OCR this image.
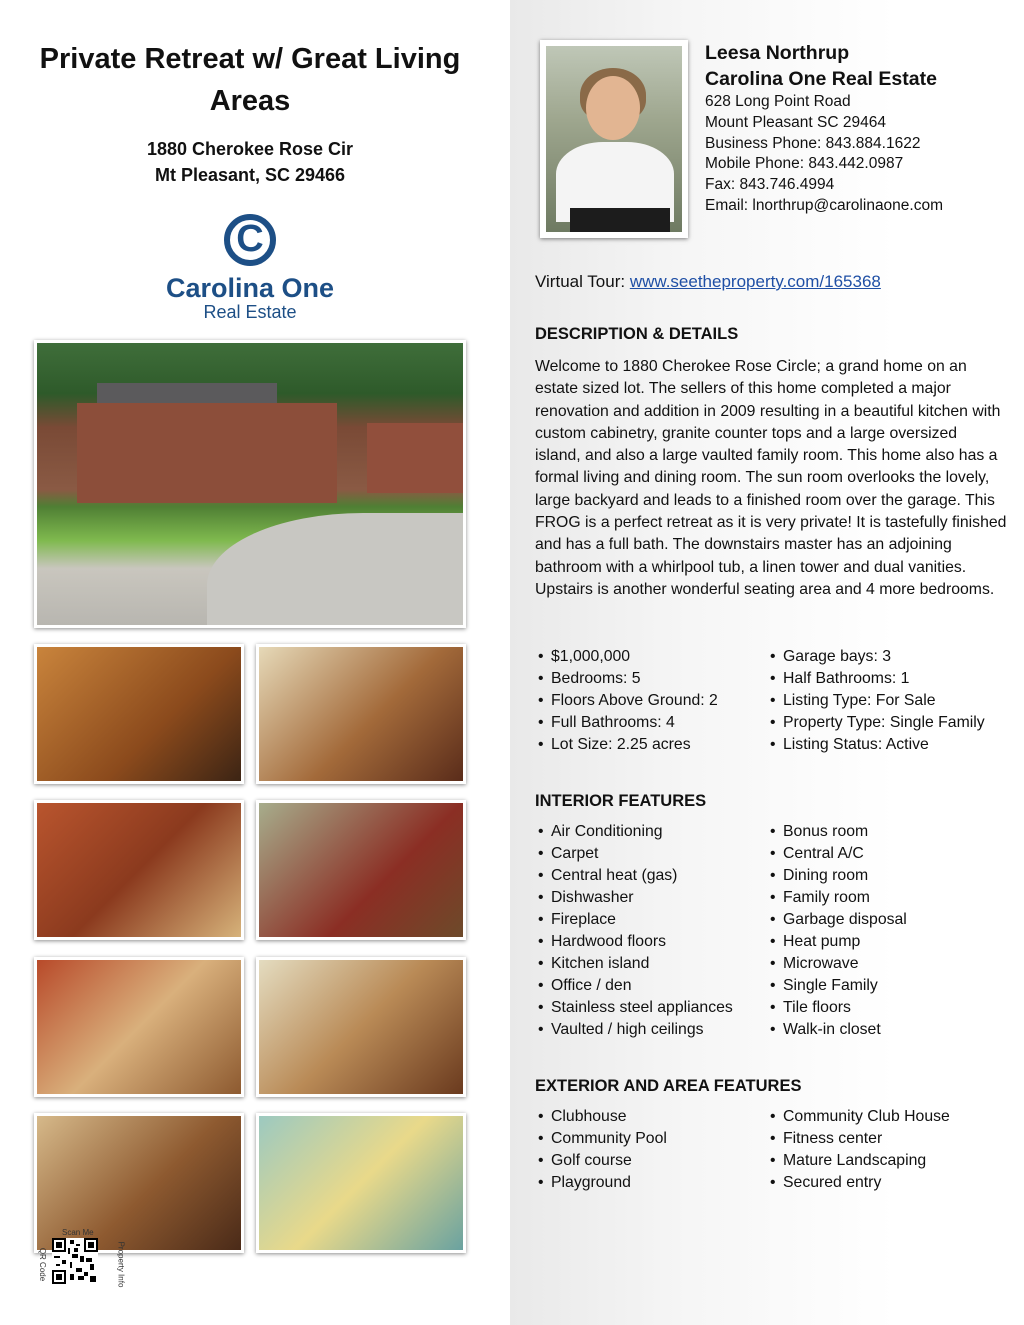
Private Retreat w/ Great Living Areas
1880 Cherokee Rose Cir
Mt Pleasant, SC 29466
C
Carolina One
Real Estate
Scan Me
QR Code	Property Info
Leesa Northrup
Carolina One Real Estate
628 Long Point Road
Mount Pleasant SC 29464
Business Phone: 843.884.1622
Mobile Phone: 843.442.0987
Fax: 843.746.4994
Email: lnorthrup@carolinaone.com
Virtual Tour: www.seetheproperty.com/165368
DESCRIPTION & DETAILS
Welcome to 1880 Cherokee Rose Circle; a grand home on an estate sized lot. The sellers of this home completed a major renovation and addition in 2009 resulting in a beautiful kitchen with custom cabinetry, granite counter tops and a large oversized island, and also a large vaulted family room. This home also has a formal living and dining room. The sun room overlooks the lovely, large backyard and leads to a finished room over the garage. This FROG is a perfect retreat as it is very private! It is tastefully finished and has a full bath. The downstairs master has an adjoining bathroom with a whirlpool tub, a linen tower and dual vanities. Upstairs is another wonderful seating area and 4 more bedrooms.
• $1,000,000
• Bedrooms: 5
• Floors Above Ground: 2
• Full Bathrooms: 4
• Lot Size: 2.25 acres
• Garage bays: 3
• Half Bathrooms: 1
• Listing Type: For Sale
• Property Type: Single Family
• Listing Status: Active
INTERIOR FEATURES
• Air Conditioning
• Carpet
• Central heat (gas)
• Dishwasher
• Fireplace
• Hardwood floors
• Kitchen island
• Office / den
• Stainless steel appliances
• Vaulted / high ceilings
• Bonus room
• Central A/C
• Dining room
• Family room
• Garbage disposal
• Heat pump
• Microwave
• Single Family
• Tile floors
• Walk-in closet
EXTERIOR AND AREA FEATURES
• Clubhouse
• Community Pool
• Golf course
• Playground
• Community Club House
• Fitness center
• Mature Landscaping
• Secured entry
